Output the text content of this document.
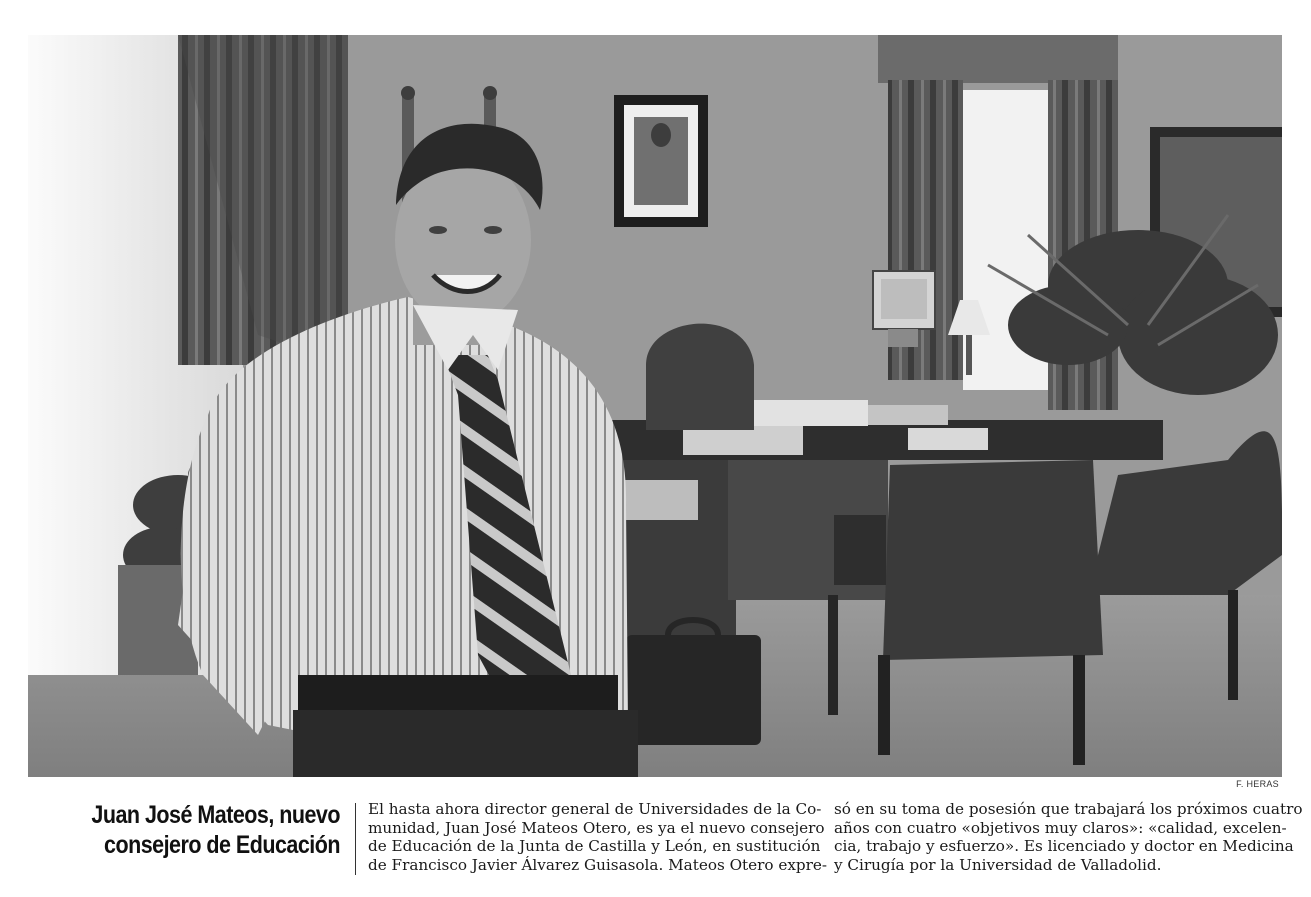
F. HERAS
Juan José Mateos, nuevo
consejero de Educación
El hasta ahora director general de Universidades de la Co-
munidad, Juan José Mateos Otero, es ya el nuevo consejero
de Educación de la Junta de Castilla y León, en sustitución
de Francisco Javier Álvarez Guisasola. Mateos Otero expre-
só en su toma de posesión que trabajará los próximos cuatro
años con cuatro «objetivos muy claros»: «calidad, excelen-
cia, trabajo y esfuerzo». Es licenciado y doctor en Medicina
y Cirugía por la Universidad de Valladolid.
